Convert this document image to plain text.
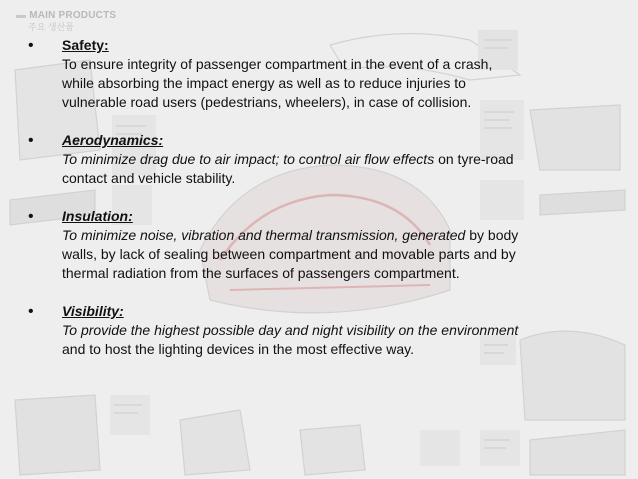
▬ MAIN PRODUCTS
주요 생산품
• Safety:
To ensure integrity of passenger compartment in the event of a crash,
while absorbing the impact energy as well as to reduce injuries to
vulnerable road users (pedestrians, wheelers), in case of collision.
• Aerodynamics:
To minimize drag due to air impact; to control air flow effects on tyre-road
contact and vehicle stability.
• Insulation:
To minimize noise, vibration and thermal transmission, generated by body
walls, by lack of sealing between compartment and movable parts and by
thermal radiation from the surfaces of passengers compartment.
• Visibility:
To provide the highest possible day and night visibility on the environment
and to host the lighting devices in the most effective way.
